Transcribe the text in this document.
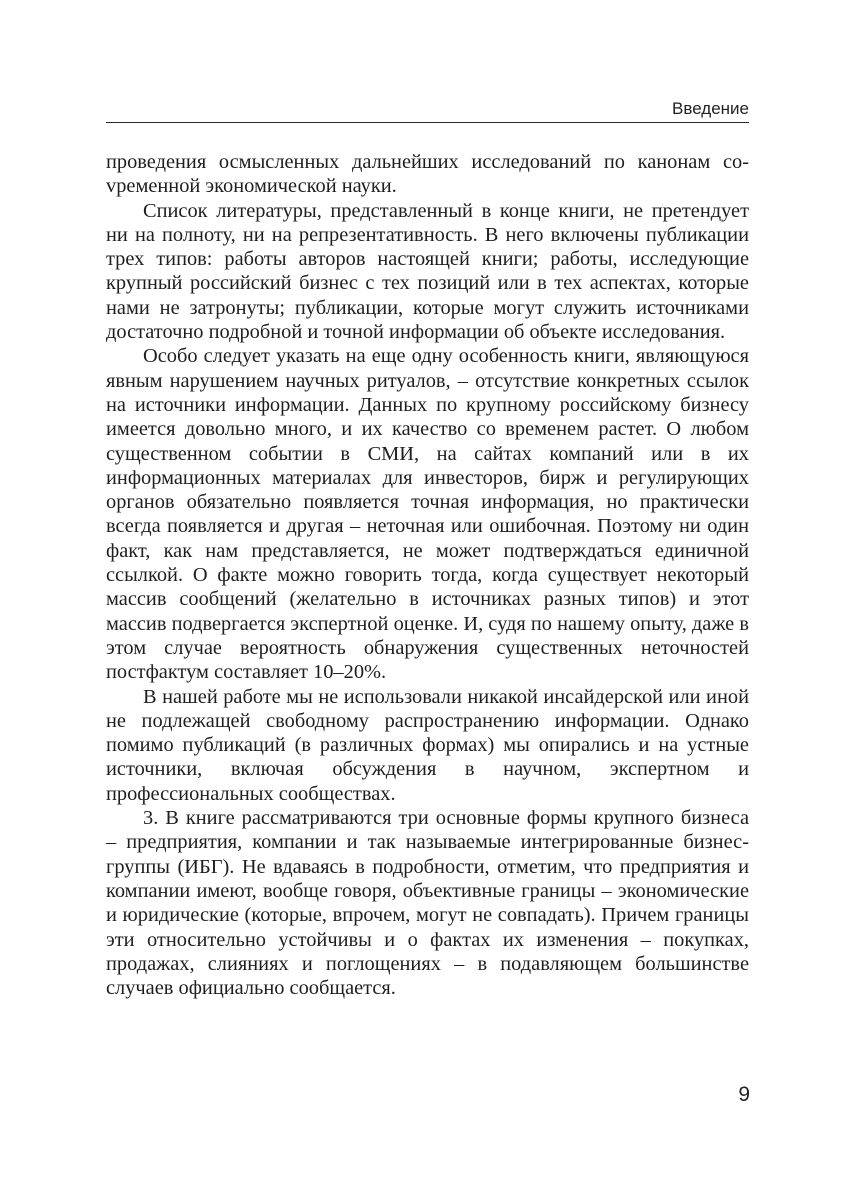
Введение

проведения осмысленных дальнейших исследований по канонам соvременной экономической науки.

Список литературы, представленный в конце книги, не претендует ни на полноту, ни на репрезентативность. В него включены публикации трех типов: работы авторов настоящей книги; работы, исследующие крупный российский бизнес с тех позиций или в тех аспектах, которые нами не затронуты; публикации, которые могут служить источниками достаточно подробной и точной информации об объекте исследования.

Особо следует указать на еще одну особенность книги, являющуюся явным нарушением научных ритуалов, – отсутствие конкретных ссылок на источники информации. Данных по крупному российскому бизнесу имеется довольно много, и их качество со временем растет. О любом существенном событии в СМИ, на сайтах компаний или в их информационных материалах для инвесторов, бирж и регулирующих органов обязательно появляется точная информация, но практически всегда появляется и другая – неточная или ошибочная. Поэтому ни один факт, как нам представляется, не может подтверждаться единичной ссылкой. О факте можно говорить тогда, когда существует некоторый массив сообщений (желательно в источниках разных типов) и этот массив подвергается экспертной оценке. И, судя по нашему опыту, даже в этом случае вероятность обнаружения существенных неточностей постфактум составляет 10–20%.

В нашей работе мы не использовали никакой инсайдерской или иной не подлежащей свободному распространению информации. Однако помимо публикаций (в различных формах) мы опирались и на устные источники, включая обсуждения в научном, экспертном и профессиональных сообществах.

3. В книге рассматриваются три основные формы крупного бизнеса – предприятия, компании и так называемые интегрированные бизнес-группы (ИБГ). Не вдаваясь в подробности, отметим, что предприятия и компании имеют, вообще говоря, объективные границы – экономические и юридические (которые, впрочем, могут не совпадать). Причем границы эти относительно устойчивы и о фактах их изменения – покупках, продажах, слияниях и поглощениях – в подавляющем большинстве случаев официально сообщается.

9
